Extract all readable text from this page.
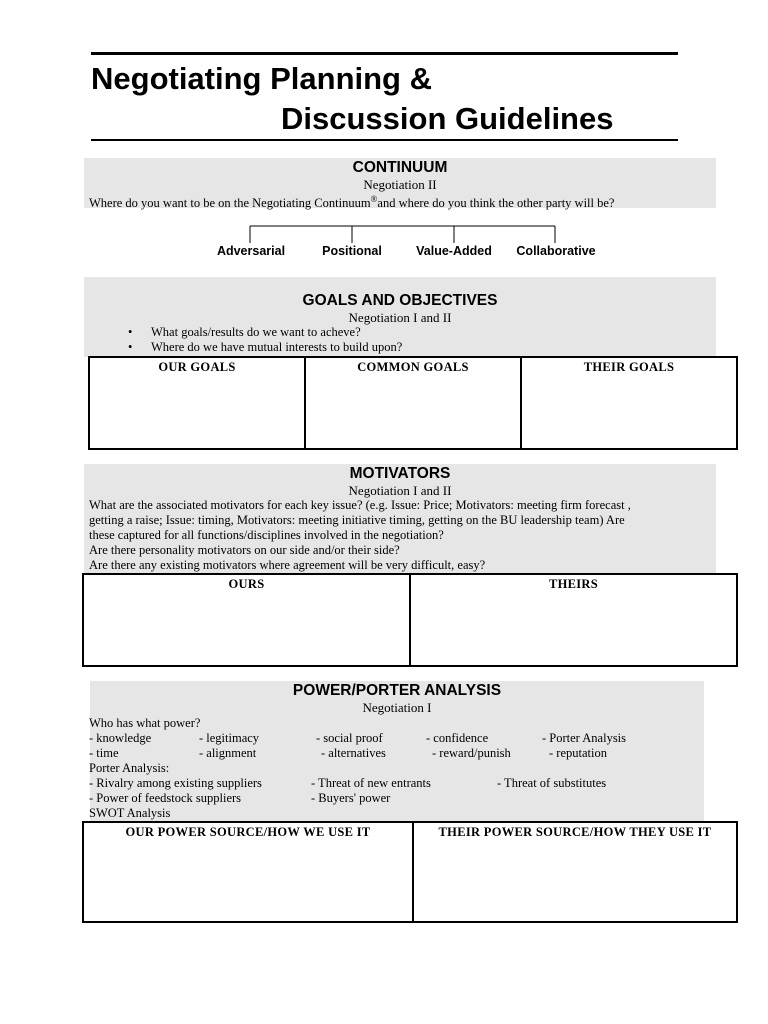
Negotiating Planning &
Discussion Guidelines
CONTINUUM
Negotiation II
Where do you want to be on the Negotiating Continuum®and where do you think the other party will be?
Adversarial	Positional	Value-Added Collaborative
GOALS AND OBJECTIVES
Negotiation I and II
• What goals/results do we want to acheve?
• Where do we have mutual interests to build upon?
OUR GOALS	COMMON GOALS	THEIR GOALS
MOTIVATORS
Negotiation I and II
What are the associated motivators for each key issue? (e.g. Issue: Price; Motivators: meeting firm forecast ,
getting a raise; Issue: timing, Motivators: meeting initiative timing, getting on the BU leadership team) Are
these captured for all functions/disciplines involved in the negotiation?
Are there personality motivators on our side and/or their side?
Are there any existing motivators where agreement will be very difficult, easy?
OURS	THEIRS
POWER/PORTER ANALYSIS
Negotiation I
Who has what power?
- knowledge	- legitimacy	- social proof	- confidence	- Porter Analysis
- time	- alignment	- alternatives	- reward/punish	- reputation
Porter Analysis:
- Rivalry among existing suppliers	- Threat of new entrants	- Threat of substitutes
- Power of feedstock suppliers	- Buyers' power
SWOT Analysis
OUR POWER SOURCE/HOW WE USE IT	THEIR POWER SOURCE/HOW THEY USE IT
